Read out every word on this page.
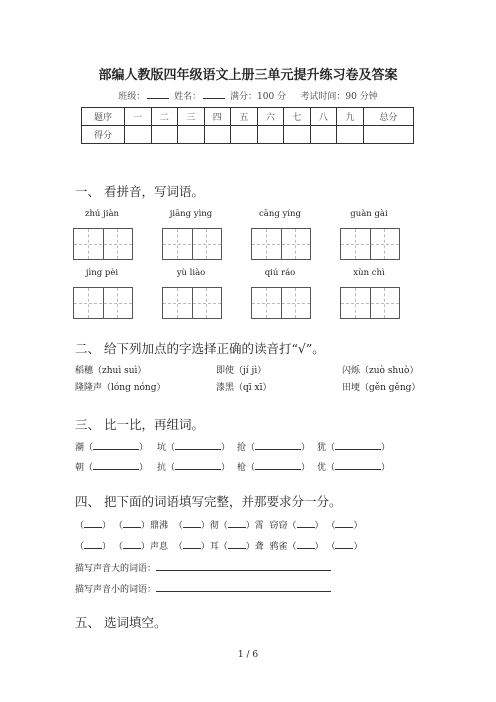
部编人教版四年级语文上册三单元提升练习卷及答案
班级：	姓名：	满分：100 分 考试时间：90 分钟
题序	一	二	三	四	五	六	七	八	九	总分
得分										
一、 看拼音，写词语。
zhú jiàn	jiāng yìng	cāng yíng	guàn gài
jìng pèi	yù liào	qiú ráo	xùn chì
二、 给下列加点的字选择正确的读音打“√”。
稻穗（zhuì suì）	即使（jí jì）	闪烁（zuò shuò）
隆隆声（lóng nóng）	漆黑（qī xī）	田埂（gěn gěng）
三、 比一比，再组词。
潮（	） 坑（	） 抢（	） 犹（	）
朝（	） 抗（	） 枪（	） 优（	）
四、 把下面的词语填写完整，并那要求分一分。
（ ） （ ）鼎沸 （ ）彻（ ）霄 窃窃（ ） （ ）
（ ） （ ）声息 （ ）耳（ ）聋 鸦雀（ ） （ ）
描写声音大的词语：
描写声音小的词语：
五、 选词填空。
1 / 6
